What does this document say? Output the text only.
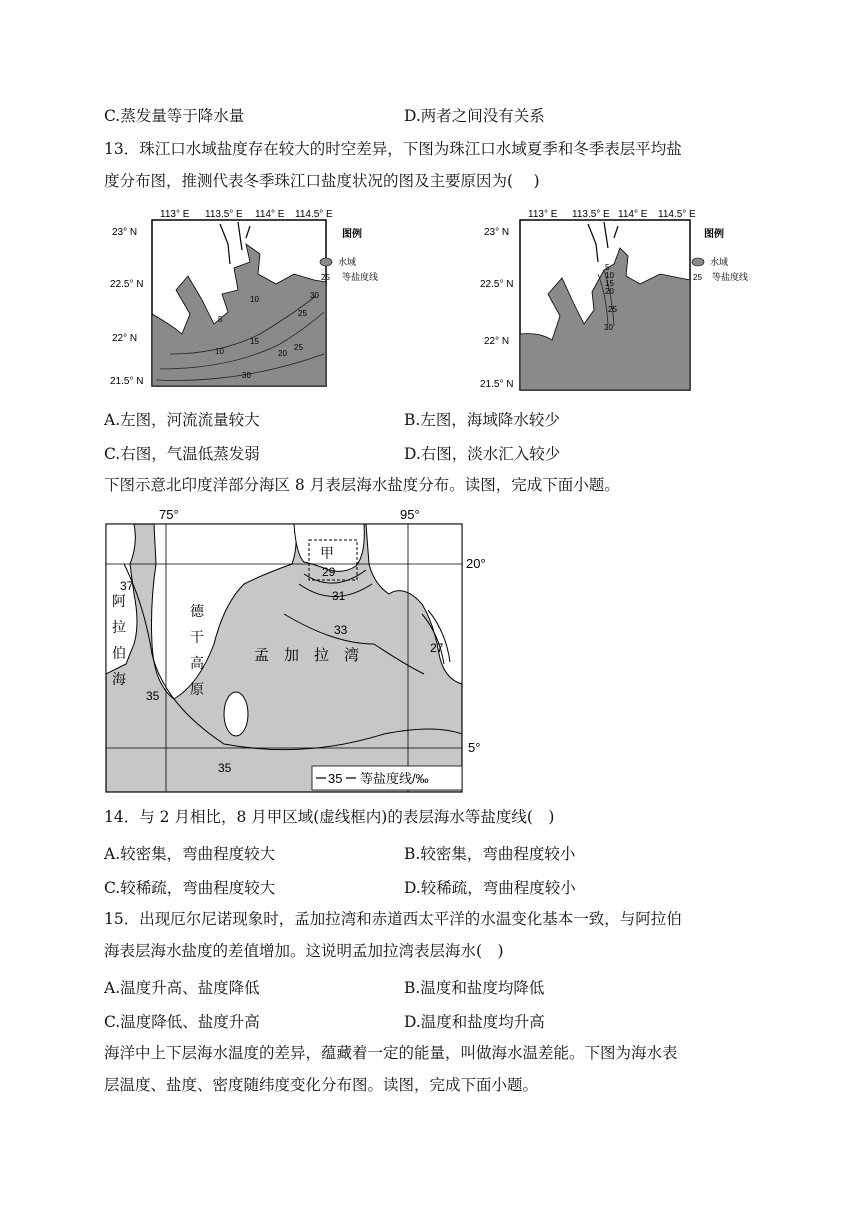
C.蒸发量等于降水量	D.两者之间没有关系
13．珠江口水域盐度存在较大的时空差异，下图为珠江口水域夏季和冬季表层平均盐
度分布图，推测代表冬季珠江口盐度状况的图及主要原因为(　 )
113° E 113.5° E 114° E 114.5° E
23° N
22.5° N
22° N
21.5° N
5
10
10
15
20
25
30
25
30
图例
水域
25 等盐度线
113° E 113.5° E 114° E 114.5° E
23° N
22.5° N
22° N
21.5° N
5
10
15
20
25
30
图例
水域
25 等盐度线
A.左图，河流流量较大	B.左图，海域降水较少
C.右图，气温低蒸发弱	D.右图，淡水汇入较少
下图示意北印度洋部分海区 8 月表层海水盐度分布。读图，完成下面小题。
75°	95°
20°
5°
阿
拉
伯
海
德
干
高
原
孟　加　拉　湾
甲
37
29
31
33
35
35
27
35 等盐度线/‰
14．与 2 月相比，8 月甲区域(虚线框内)的表层海水等盐度线(　)
A.较密集，弯曲程度较大	B.较密集，弯曲程度较小
C.较稀疏，弯曲程度较大	D.较稀疏，弯曲程度较小
15．出现厄尔尼诺现象时，孟加拉湾和赤道西太平洋的水温变化基本一致，与阿拉伯
海表层海水盐度的差值增加。这说明孟加拉湾表层海水(　)
A.温度升高、盐度降低	B.温度和盐度均降低
C.温度降低、盐度升高	D.温度和盐度均升高
海洋中上下层海水温度的差异，蕴藏着一定的能量，叫做海水温差能。下图为海水表
层温度、盐度、密度随纬度变化分布图。读图，完成下面小题。
